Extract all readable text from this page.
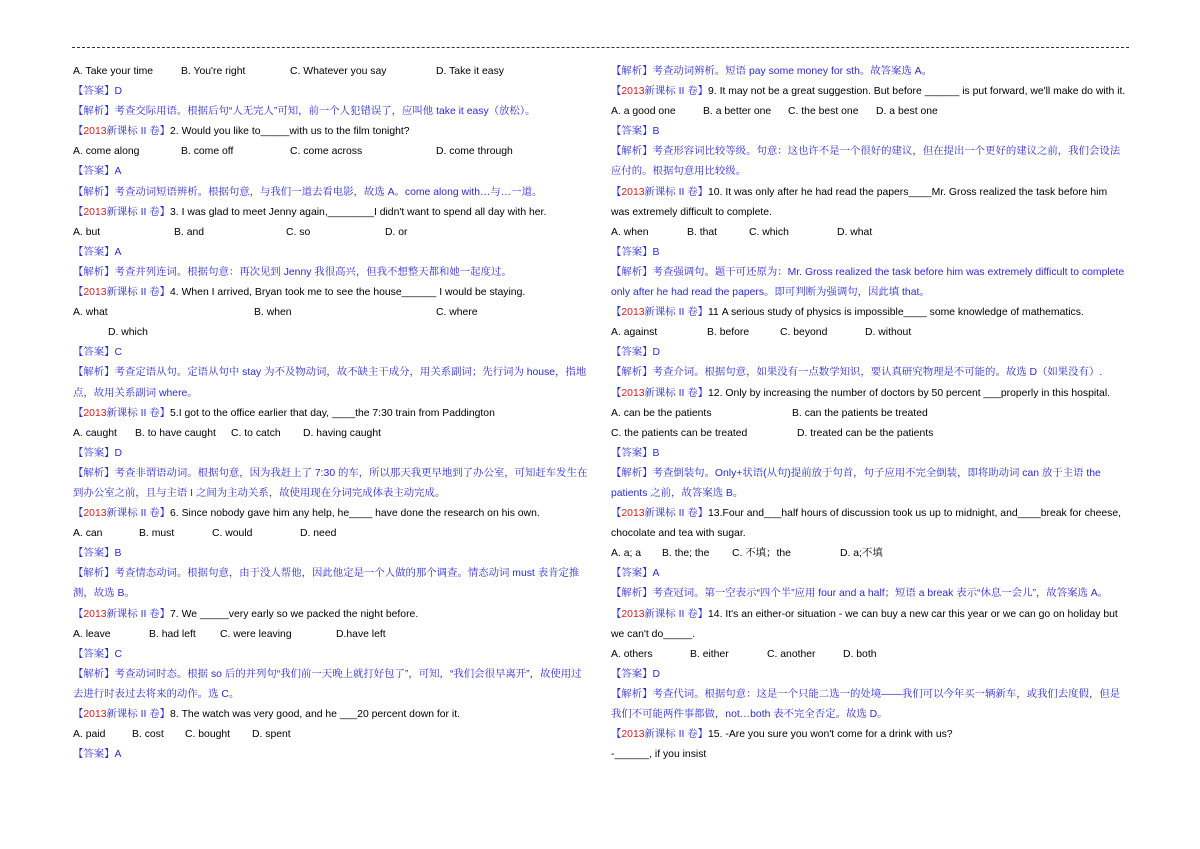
A. Take your time	B. You're right	C. Whatever you say	D. Take it easy
【答案】D
【解析】考查交际用语。根据后句“人无完人”可知，前一个人犯错误了，应叫他 take it easy（放松）。
【2013新课标 II 卷】2. Would you like to_____with us to the film tonight?
A. come along	B. come off	C. come across	D. come through
【答案】A
【解析】考查动词短语辨析。根据句意，与我们一道去看电影，故选 A。come along with…与…一道。
【2013新课标 II 卷】3. I was glad to meet Jenny again,________I didn't want to spend all day with her.
A. but	B. and	C. so	D. or
【答案】A
【解析】考查并列连词。根据句意：再次见到 Jenny 我很高兴，但我不想整天都和她一起度过。
【2013新课标 II 卷】4. When I arrived, Bryan took me to see the house______ I would be staying.
A. what	B. when	C. where
D. which
【答案】C
【解析】考查定语从句。定语从句中 stay 为不及物动词，故不缺主干成分，用关系副词；先行词为 house，指地点，故用关系副词 where。
【2013新课标 II 卷】5.I got to the office earlier that day, ____the 7:30 train from Paddington
A. caught	B. to have caught	C. to catch	D. having caught
【答案】D
【解析】考查非谓语动词。根据句意，因为我赶上了 7:30 的车，所以那天我更早地到了办公室，可知赶车发生在到办公室之前，且与主语 I 之间为主动关系，故使用现在分词完成体表主动完成。
【2013新课标 II 卷】6. Since nobody gave him any help, he____ have done the research on his own.
A. can	B. must	C. would	D. need
【答案】B
【解析】考查情态动词。根据句意，由于没人帮他，因此他定是一个人做的那个调查。情态动词 must 表肯定推测，故选 B。
【2013新课标 II 卷】7. We _____very early so we packed the night before.
A. leave	B. had left	C. were leaving	D.have left
【答案】C
【解析】考查动词时态。根据 so 后的并列句“我们前一天晚上就打好包了”，可知，“我们会很早离开”，故使用过去进行时表过去将来的动作。选 C。
【2013新课标 II 卷】8. The watch was very good, and he ___20 percent down for it.
A. paid	B. cost	C. bought	D. spent
【答案】A
【解析】考查动词辨析。短语 pay some money for sth。故答案选 A。
【2013新课标 II 卷】9. It may not be a great suggestion. But before ______ is put forward, we'll make do with it.
A. a good one	B. a better one	C. the best one	D. a best one
【答案】B
【解析】考查形容词比较等级。句意：这也许不是一个很好的建议，但在提出一个更好的建议之前，我们会设法应付的。根据句意用比较级。
【2013新课标 II 卷】10. It was only after he had read the papers____Mr. Gross realized the task before him was extremely difficult to complete.
A. when	B. that	C. which	D. what
【答案】B
【解析】考查强调句。题干可还原为：Mr. Gross realized the task before him was extremely difficult to complete only after he had read the papers。即可判断为强调句，因此填 that。
【2013新课标 II 卷】11 A serious study of physics is impossible____ some knowledge of mathematics.
A. against	B. before	C. beyond	D. without
【答案】D
【解析】考查介词。根据句意，如果没有一点数学知识，要认真研究物理是不可能的。故选 D（如果没有）.
【2013新课标 II 卷】12. Only by increasing the number of doctors by 50 percent ___properly in this hospital.
A. can be the patients	B. can the patients be treated
C. the patients can be treated	D. treated can be the patients
【答案】B
【解析】考查倒装句。Only+状语(从句)提前放于句首，句子应用不完全倒装，即将助动词 can 放于主语 the patients 之前，故答案选 B。
【2013新课标 II 卷】13.Four and___half hours of discussion took us up to midnight, and____break for cheese, chocolate and tea with sugar.
A. a; a	B. the; the	C. 不填；the	D. a;不填
【答案】A
【解析】考查冠词。第一空表示“四个半”应用 four and a half；短语 a break 表示“休息一会儿”，故答案选 A。
【2013新课标 II 卷】14. It's an either-or situation - we can buy a new car this year or we can go on holiday but we can't do_____.
A. others	B. either	C. another	D. both
【答案】D
【解析】考查代词。根据句意：这是一个只能二选一的处境——我们可以今年买一辆新车，或我们去度假，但是我们不可能两件事都做，not…both 表不完全否定。故选 D。
【2013新课标 II 卷】15. -Are you sure you won't come for a drink with us?
-______, if you insist
